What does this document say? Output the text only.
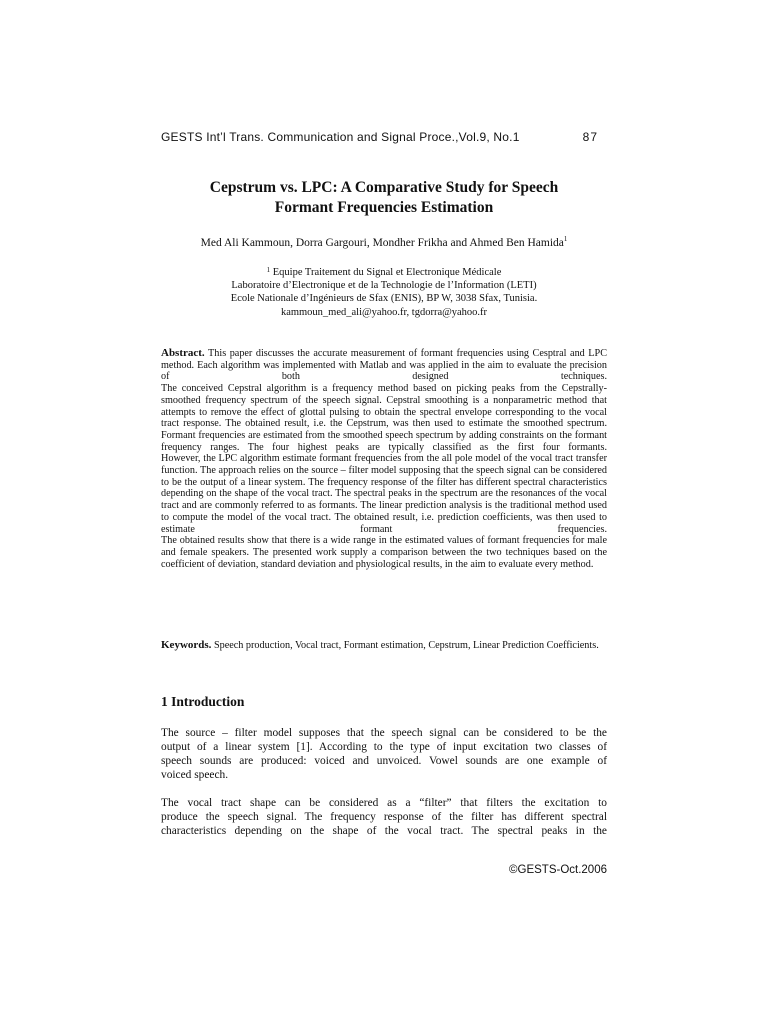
GESTS Int’l Trans. Communication and Signal Proce.,Vol.9, No.1	87
Cepstrum vs. LPC: A Comparative Study for Speech
Formant Frequencies Estimation
Med Ali Kammoun, Dorra Gargouri, Mondher Frikha and Ahmed Ben Hamida$^1$
$^1$ Equipe Traitement du Signal et Electronique Médicale
Laboratoire d’Electronique et de la Technologie de l’Information (LETI)
Ecole Nationale d’Ingénieurs de Sfax (ENIS), BP W, 3038 Sfax, Tunisia.
kammoun_med_ali@yahoo.fr, tgdorra@yahoo.fr

Abstract. This paper discusses the accurate measurement of formant frequencies using Cesptral and LPC method. Each algorithm was implemented with Matlab and was applied in the aim to evaluate the precision of both designed techniques.

The conceived Cepstral algorithm is a frequency method based on picking peaks from the Cepstrally-smoothed frequency spectrum of the speech signal. Cepstral smoothing is a nonparametric method that attempts to remove the effect of glottal pulsing to obtain the spectral envelope corresponding to the vocal tract response. The obtained result, i.e. the Cepstrum, was then used to estimate the smoothed spectrum. Formant frequencies are estimated from the smoothed speech spectrum by adding constraints on the formant frequency ranges. The four highest peaks are typically classified as the first four formants.

However, the LPC algorithm estimate formant frequencies from the all pole model of the vocal tract transfer function. The approach relies on the source – filter model supposing that the speech signal can be considered to be the output of a linear system. The frequency response of the filter has different spectral characteristics depending on the shape of the vocal tract. The spectral peaks in the spectrum are the resonances of the vocal tract and are commonly referred to as formants. The linear prediction analysis is the traditional method used to compute the model of the vocal tract. The obtained result, i.e. prediction coefficients, was then used to estimate formant frequencies.

The obtained results show that there is a wide range in the estimated values of formant frequencies for male and female speakers. The presented work supply a comparison between the two techniques based on the coefficient of deviation, standard deviation and physiological results, in the aim to evaluate every method.

Keywords. Speech production, Vocal tract, Formant estimation, Cepstrum, Linear Prediction Coefficients.

1 Introduction

The source – filter model supposes that the speech signal can be considered to be the
output of a linear system [1]. According to the type of input excitation two classes of
speech sounds are produced: voiced and unvoiced. Vowel sounds are one example of
voiced speech.

The vocal tract shape can be considered as a “filter” that filters the excitation to
produce the speech signal. The frequency response of the filter has different spectral
characteristics depending on the shape of the vocal tract. The spectral peaks in the

©GESTS-Oct.2006
